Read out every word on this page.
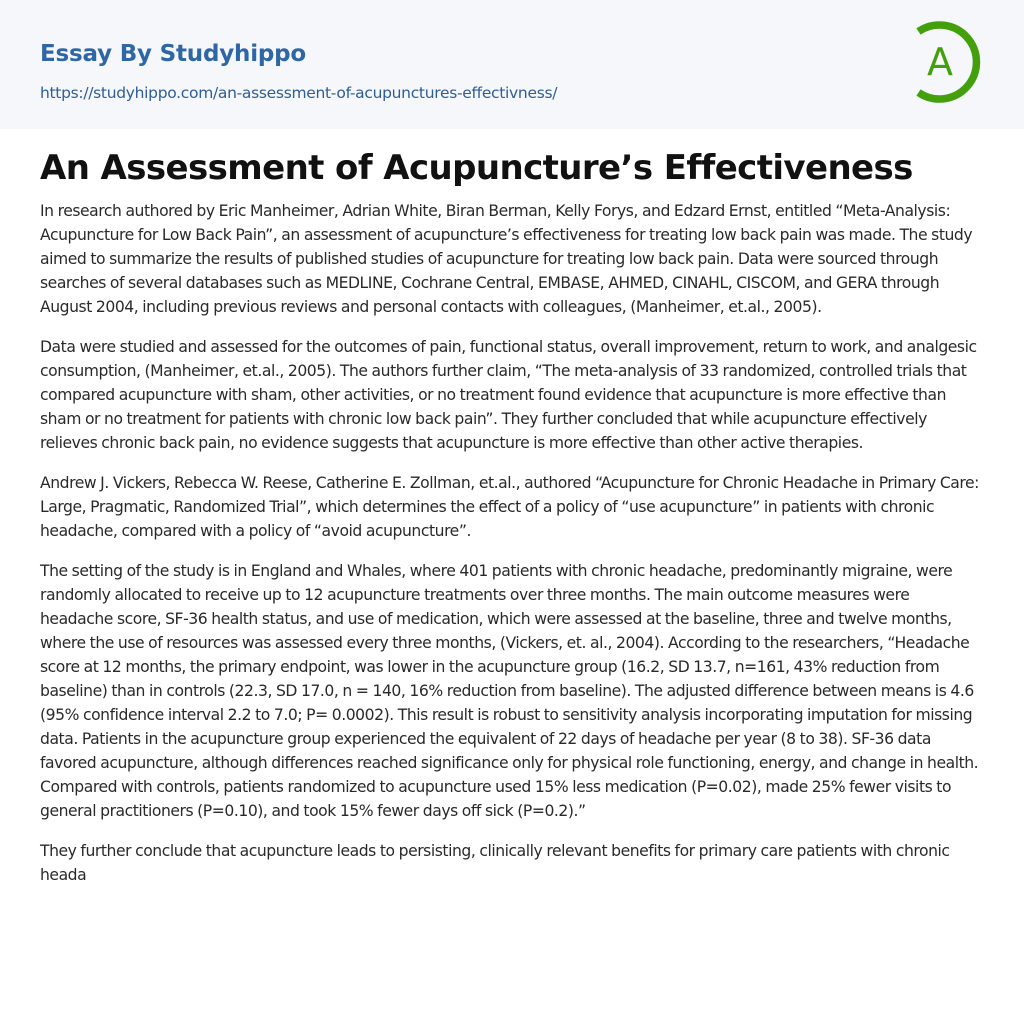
Essay By Studyhippo
https://studyhippo.com/an-assessment-of-acupunctures-effectivness/
A
An Assessment of Acupuncture’s Effectiveness

In research authored by Eric Manheimer, Adrian White, Biran Berman, Kelly Forys, and Edzard Ernst, entitled “Meta-Analysis: Acupuncture for Low Back Pain”, an assessment of acupuncture’s effectiveness for treating low back pain was made. The study aimed to summarize the results of published studies of acupuncture for treating low back pain. Data were sourced through searches of several databases such as MEDLINE, Cochrane Central, EMBASE, AHMED, CINAHL, CISCOM, and GERA through August 2004, including previous reviews and personal contacts with colleagues, (Manheimer, et.al., 2005).

Data were studied and assessed for the outcomes of pain, functional status, overall improvement, return to work, and analgesic consumption, (Manheimer, et.al., 2005). The authors further claim, “The meta-analysis of 33 randomized, controlled trials that compared acupuncture with sham, other activities, or no treatment found evidence that acupuncture is more effective than sham or no treatment for patients with chronic low back pain”. They further concluded that while acupuncture effectively relieves chronic back pain, no evidence suggests that acupuncture is more effective than other active therapies.

Andrew J. Vickers, Rebecca W. Reese, Catherine E. Zollman, et.al., authored “Acupuncture for Chronic Headache in Primary Care: Large, Pragmatic, Randomized Trial”, which determines the effect of a policy of “use acupuncture” in patients with chronic headache, compared with a policy of “avoid acupuncture”.

The setting of the study is in England and Whales, where 401 patients with chronic headache, predominantly migraine, were randomly allocated to receive up to 12 acupuncture treatments over three months. The main outcome measures were headache score, SF-36 health status, and use of medication, which were assessed at the baseline, three and twelve months, where the use of resources was assessed every three months, (Vickers, et. al., 2004). According to the researchers, “Headache score at 12 months, the primary endpoint, was lower in the acupuncture group (16.2, SD 13.7, n=161, 43% reduction from baseline) than in controls (22.3, SD 17.0, n = 140, 16% reduction from baseline). The adjusted difference between means is 4.6 (95% confidence interval 2.2 to 7.0; P= 0.0002). This result is robust to sensitivity analysis incorporating imputation for missing data. Patients in the acupuncture group experienced the equivalent of 22 days of headache per year (8 to 38). SF-36 data favored acupuncture, although differences reached significance only for physical role functioning, energy, and change in health. Compared with controls, patients randomized to acupuncture used 15% less medication (P=0.02), made 25% fewer visits to general practitioners (P=0.10), and took 15% fewer days off sick (P=0.2).”

They further conclude that acupuncture leads to persisting, clinically relevant benefits for primary care patients with chronic heada
